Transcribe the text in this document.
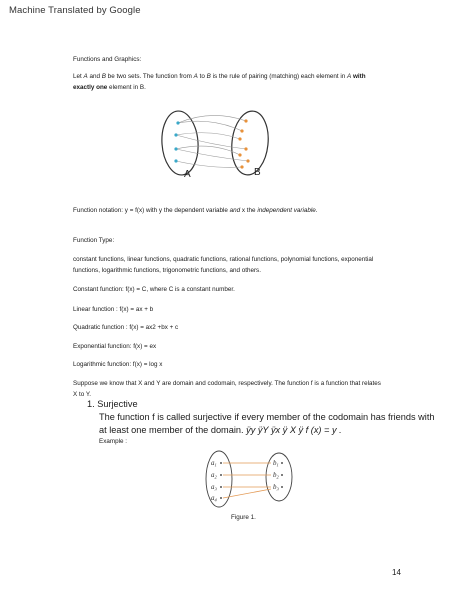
Machine Translated by Google
Functions and Graphics:
Let A and B be two sets. The function from A to B is the rule of pairing (matching) each element in A with
exactly one element in B.
A	B
Function notation: y = f(x) with y the dependent variable and x the independent variable.
Function Type:
constant functions, linear functions, quadratic functions, rational functions, polynomial functions, exponential
functions, logarithmic functions, trigonometric functions, and others.
Constant function: f(x) = C, where C is a constant number.
Linear function : f(x) = ax + b
Quadratic function : f(x) = ax2 +bx + c
Exponential function: f(x) = ex
Logarithmic function: f(x) = log x
Suppose we know that X and Y are domain and codomain, respectively. The function f is a function that relates
X to Y.
1. Surjective
The function f is called surjective if every member of the codomain has friends with
at least one member of the domain. ÿy ÿY ÿx ÿ X ÿ f (x) = y .
Example :
$a_1$
$a_2$
$a_3$
$a_4$
$b_1$
$b_2$
$b_3$
Figure 1.
14
